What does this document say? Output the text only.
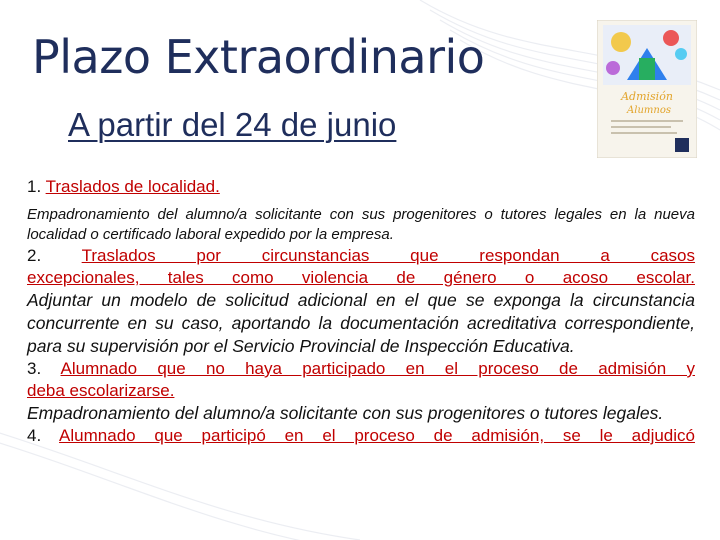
Plazo Extraordinario
A partir del 24 de junio
Admisión
Alumnos

1. Traslados de localidad.

Empadronamiento del alumno/a solicitante con sus progenitores o tutores legales en la nueva localidad o certificado laboral expedido por la empresa.

2. Traslados por circunstancias que respondan a casos

excepcionales, tales como violencia de género o acoso escolar.

Adjuntar un modelo de solicitud adicional en el que se exponga la circunstancia concurrente en su caso, aportando la documentación acreditativa correspondiente, para su supervisión por el Servicio Provincial de Inspección Educativa.

3. Alumnado que no haya participado en el proceso de admisión y

deba escolarizarse.

Empadronamiento del alumno/a solicitante con sus progenitores o tutores legales.

4. Alumnado que participó en el proceso de admisión, se le adjudicó
